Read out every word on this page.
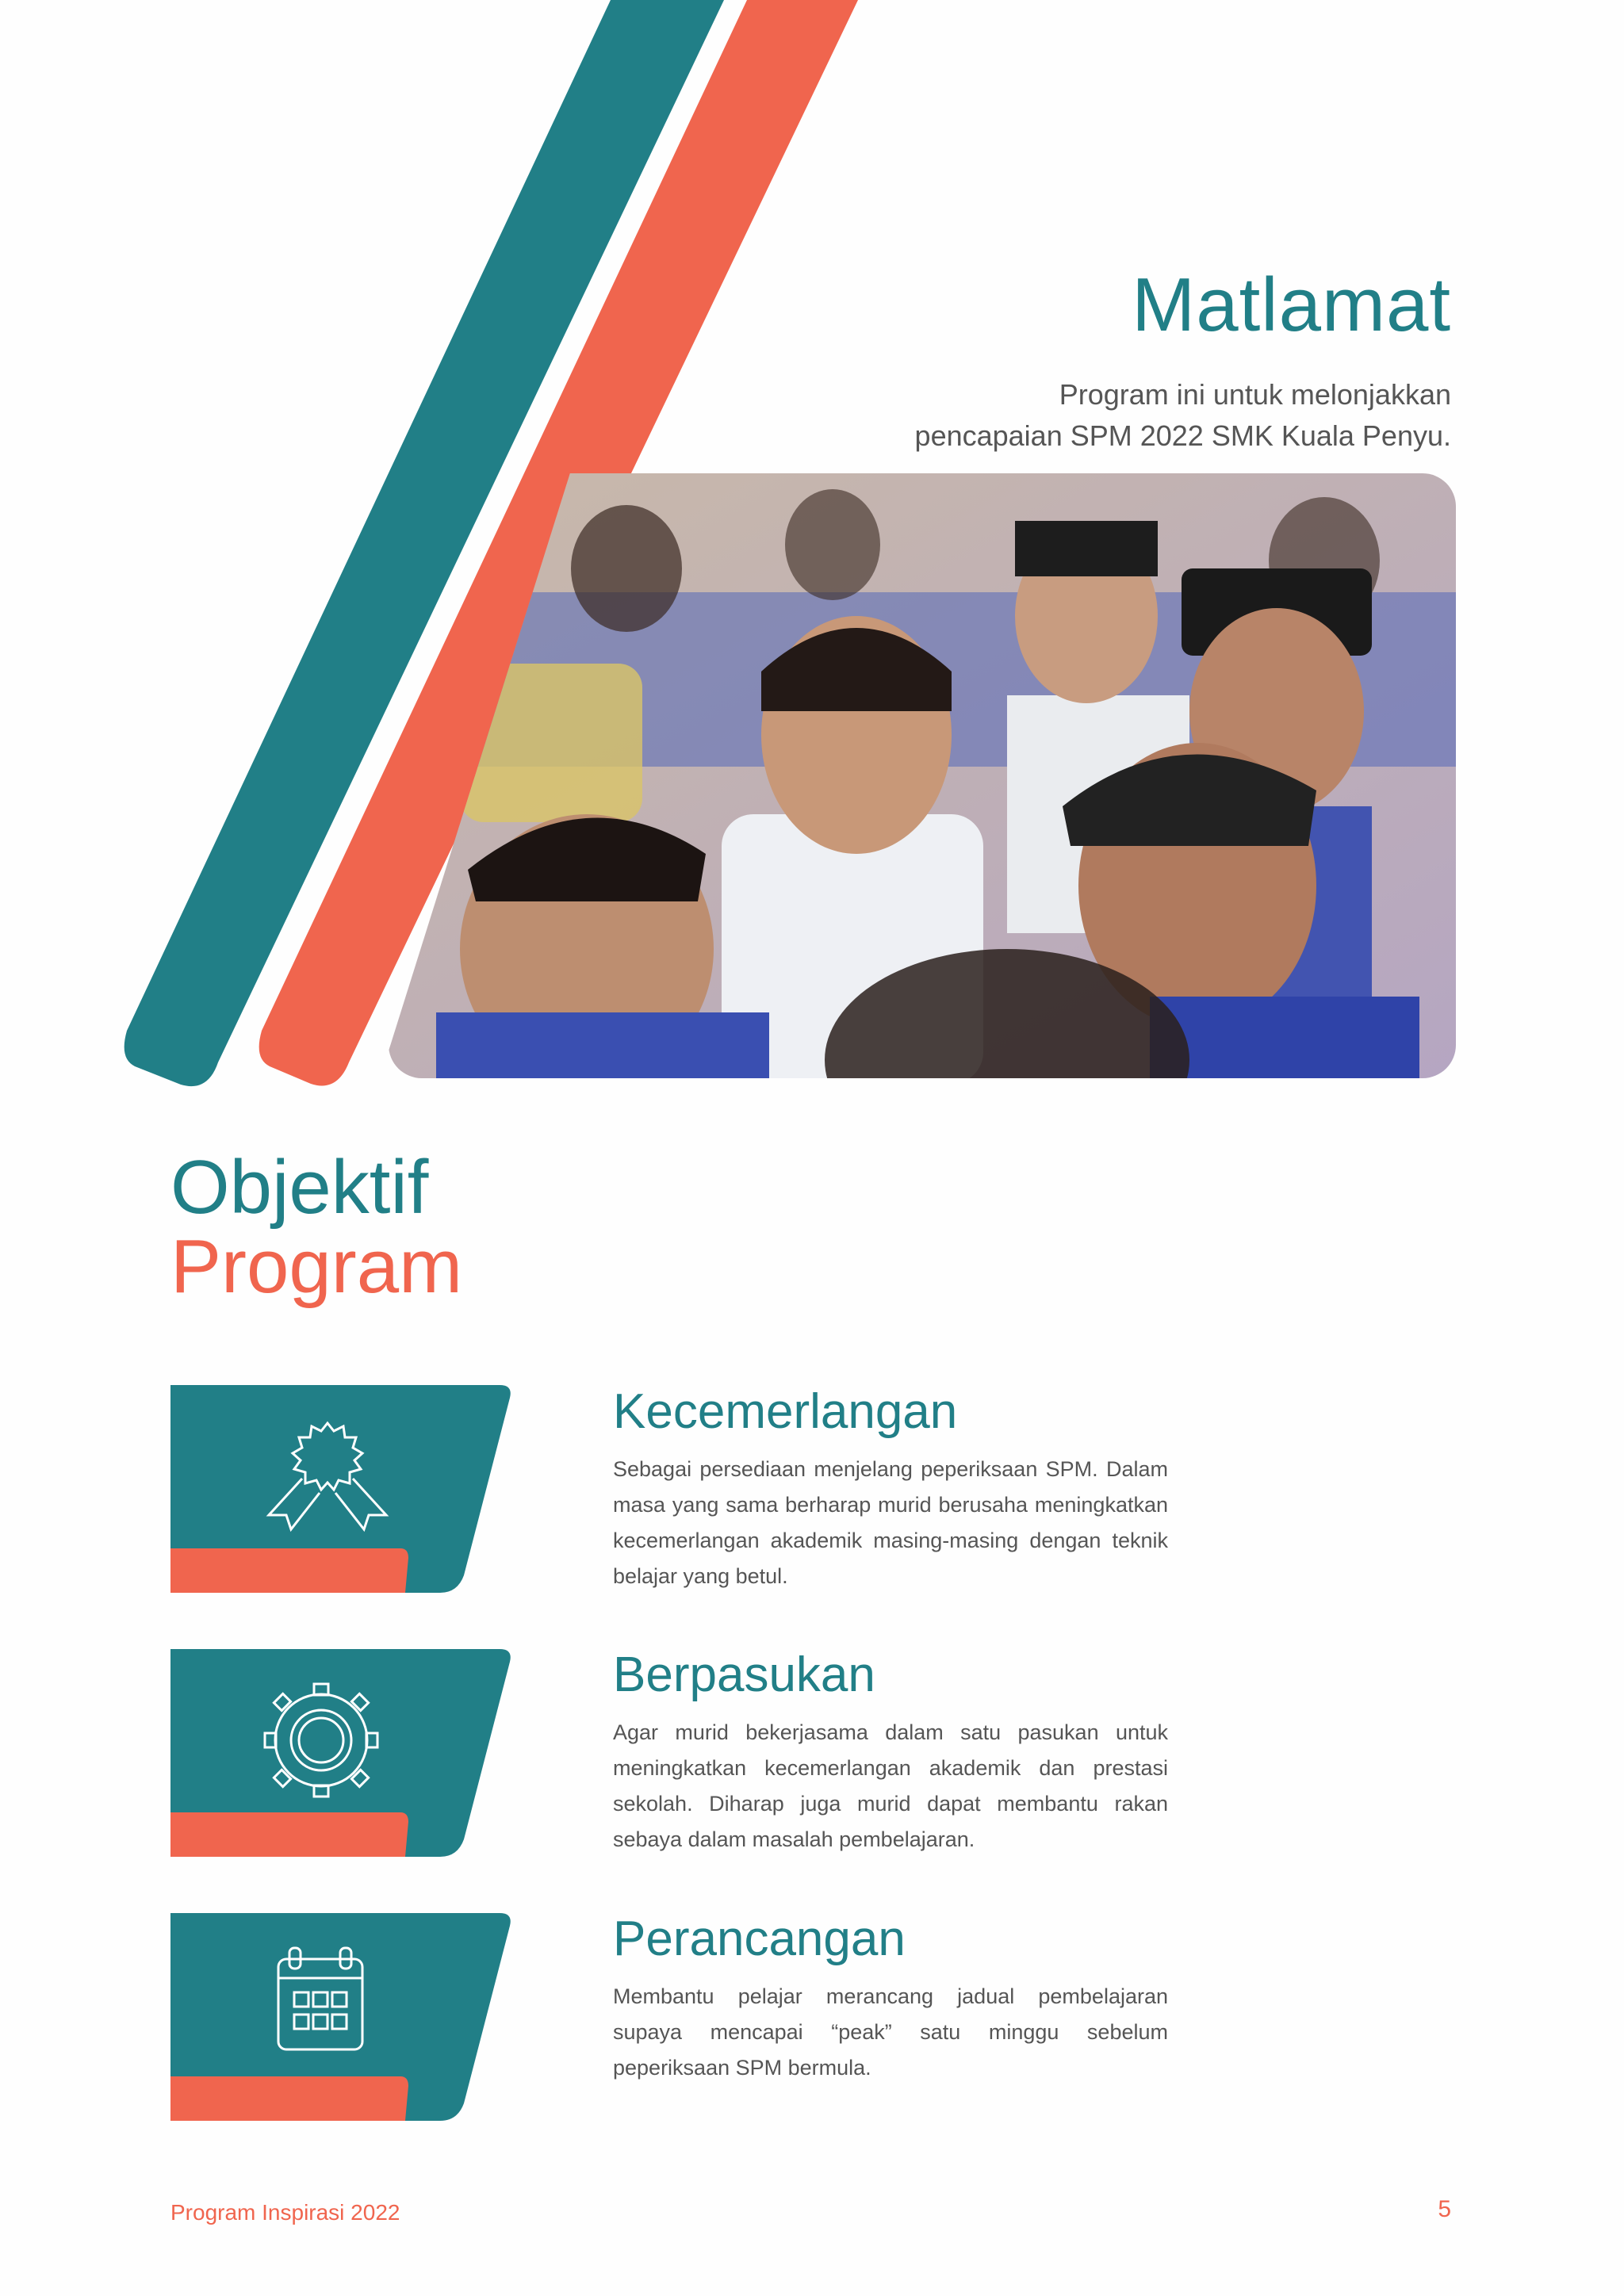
Matlamat
Program ini untuk melonjakkan
pencapaian SPM 2022 SMK Kuala Penyu.
Objektif
Program
Kecemerlangan

Sebagai persediaan menjelang peperiksaan SPM. Dalam masa yang sama berharap murid berusaha meningkatkan kecemerlangan akademik masing-masing dengan teknik belajar yang betul.

Berpasukan

Agar murid bekerjasama dalam satu pasukan untuk meningkatkan kecemerlangan akademik dan prestasi sekolah. Diharap juga murid dapat membantu rakan sebaya dalam masalah pembelajaran.

Perancangan

Membantu pelajar merancang jadual pembelajaran supaya mencapai “peak” satu minggu sebelum peperiksaan SPM bermula.

Program Inspirasi 2022	5
